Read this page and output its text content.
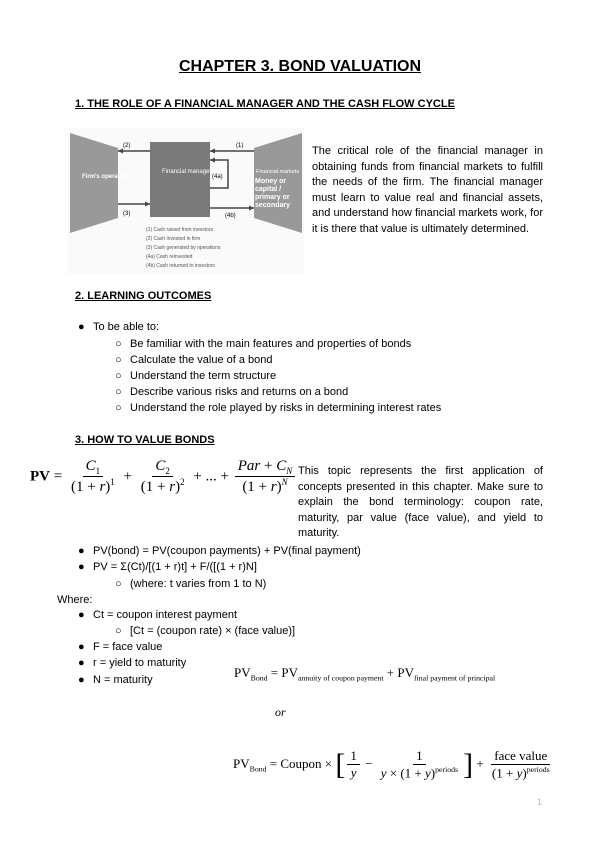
CHAPTER 3. BOND VALUATION
1. THE ROLE OF A FINANCIAL MANAGER AND THE CASH FLOW CYCLE
Firm's operations
Financial manager	Financial markets
(2)	(1)
(4a)
(3)	(4b)
(1) Cash raised from investors
(2) Cash invested in firm
(3) Cash generated by operations
(4a) Cash reinvested
(4b) Cash returned to investors
Money or capital / primary or secondary
The critical role of the financial manager in obtaining funds from financial markets to fulfill the needs of the firm. The financial manager must learn to value real and financial assets, and understand how financial markets work, for it is there that value is ultimately determined.
2. LEARNING OUTCOMES
● To be able to:
○ Be familiar with the main features and properties of bonds
○ Calculate the value of a bond
○ Understand the term structure
○ Describe various risks and returns on a bond
○ Understand the role played by risks in determining interest rates
3. HOW TO VALUE BONDS
PV = $\frac{C_1}{(1 + r)^1} + \frac{C_2}{(1 + r)^2}$ + ... + $\frac{Par + C_N}{(1 + r)^N}$ This topic represents the first application of concepts presented in this chapter. Make sure to explain the bond terminology: coupon rate, maturity, par value (face value), and yield to maturity.
● PV(bond) = PV(coupon payments) + PV(final payment)
● PV = Σ(Ct)/[(1 + r)t] + F/([(1 + r)N]
○ (where: t varies from 1 to N)
Where:
● Ct = coupon interest payment
○ [Ct = (coupon rate) × (face value)]
● F = face value
● r = yield to maturity
● N = maturity	$PV_{Bond} = PV_{annuity of coupon payment} + PV_{final payment of principal}$
or
$PV_{Bond}$ = Coupon × [ $\frac{1}{y} - \frac{1}{y \times (1 + y)^{periods}}$ ] + $\frac{\text{face value}}{(1 + y)^{periods}}$
1
